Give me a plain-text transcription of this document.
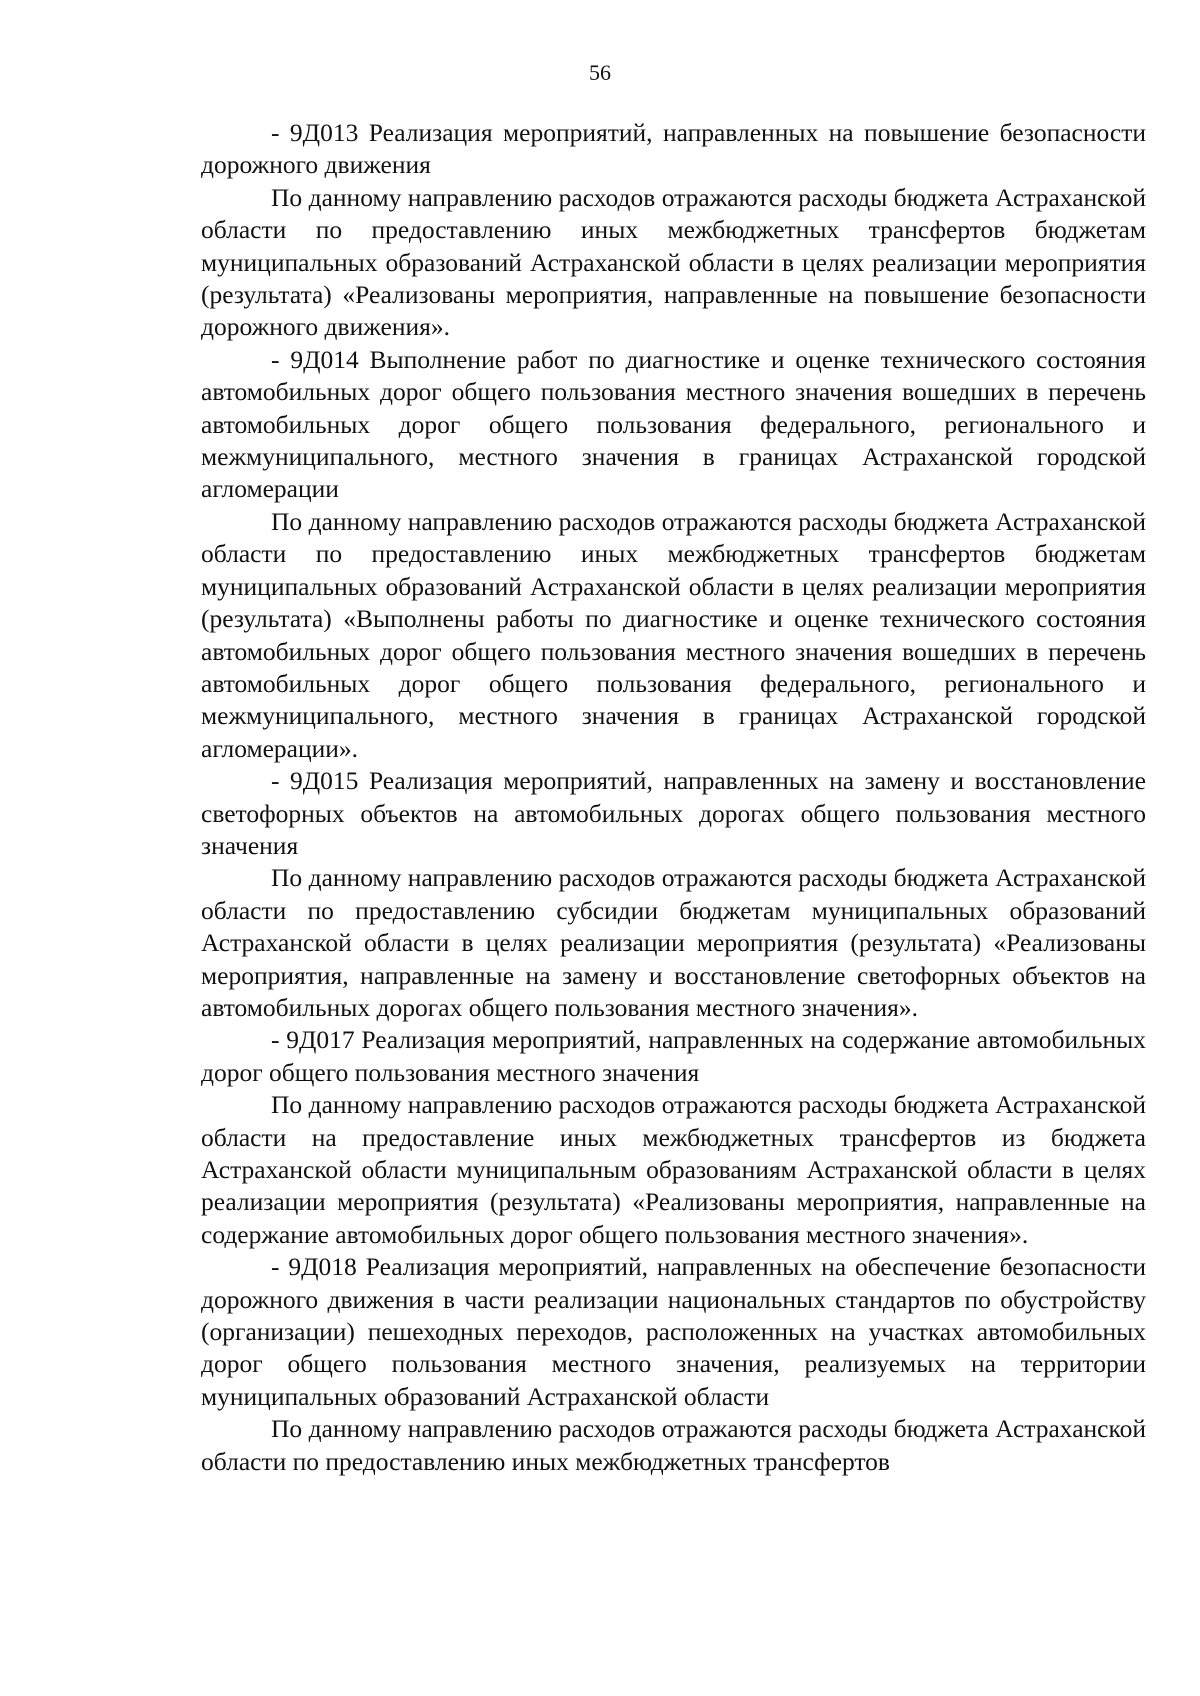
56

- 9Д013 Реализация мероприятий, направленных на повышение безопасности дорожного движения

По данному направлению расходов отражаются расходы бюджета Астраханской области по предоставлению иных межбюджетных трансфертов бюджетам муниципальных образований Астраханской области в целях реализации мероприятия (результата) «Реализованы мероприятия, направленные на повышение безопасности дорожного движения».

- 9Д014 Выполнение работ по диагностике и оценке технического состояния автомобильных дорог общего пользования местного значения вошедших в перечень автомобильных дорог общего пользования федерального, регионального и межмуниципального, местного значения в границах Астраханской городской агломерации

По данному направлению расходов отражаются расходы бюджета Астраханской области по предоставлению иных межбюджетных трансфертов бюджетам муниципальных образований Астраханской области в целях реализации мероприятия (результата) «Выполнены работы по диагностике и оценке технического состояния автомобильных дорог общего пользования местного значения вошедших в перечень автомобильных дорог общего пользования федерального, регионального и межмуниципального, местного значения в границах Астраханской городской агломерации».

- 9Д015 Реализация мероприятий, направленных на замену и восстановление светофорных объектов на автомобильных дорогах общего пользования местного значения

По данному направлению расходов отражаются расходы бюджета Астраханской области по предоставлению субсидии бюджетам муниципальных образований Астраханской области в целях реализации мероприятия (результата) «Реализованы мероприятия, направленные на замену и восстановление светофорных объектов на автомобильных дорогах общего пользования местного значения».

- 9Д017 Реализация мероприятий, направленных на содержание автомобильных дорог общего пользования местного значения

По данному направлению расходов отражаются расходы бюджета Астраханской области на предоставление иных межбюджетных трансфертов из бюджета Астраханской области муниципальным образованиям Астраханской области в целях реализации мероприятия (результата) «Реализованы мероприятия, направленные на содержание автомобильных дорог общего пользования местного значения».

- 9Д018 Реализация мероприятий, направленных на обеспечение безопасности дорожного движения в части реализации национальных стандартов по обустройству (организации) пешеходных переходов, расположенных на участках автомобильных дорог общего пользования местного значения, реализуемых на территории муниципальных образований Астраханской области

По данному направлению расходов отражаются расходы бюджета Астраханской области по предоставлению иных межбюджетных трансфертов
